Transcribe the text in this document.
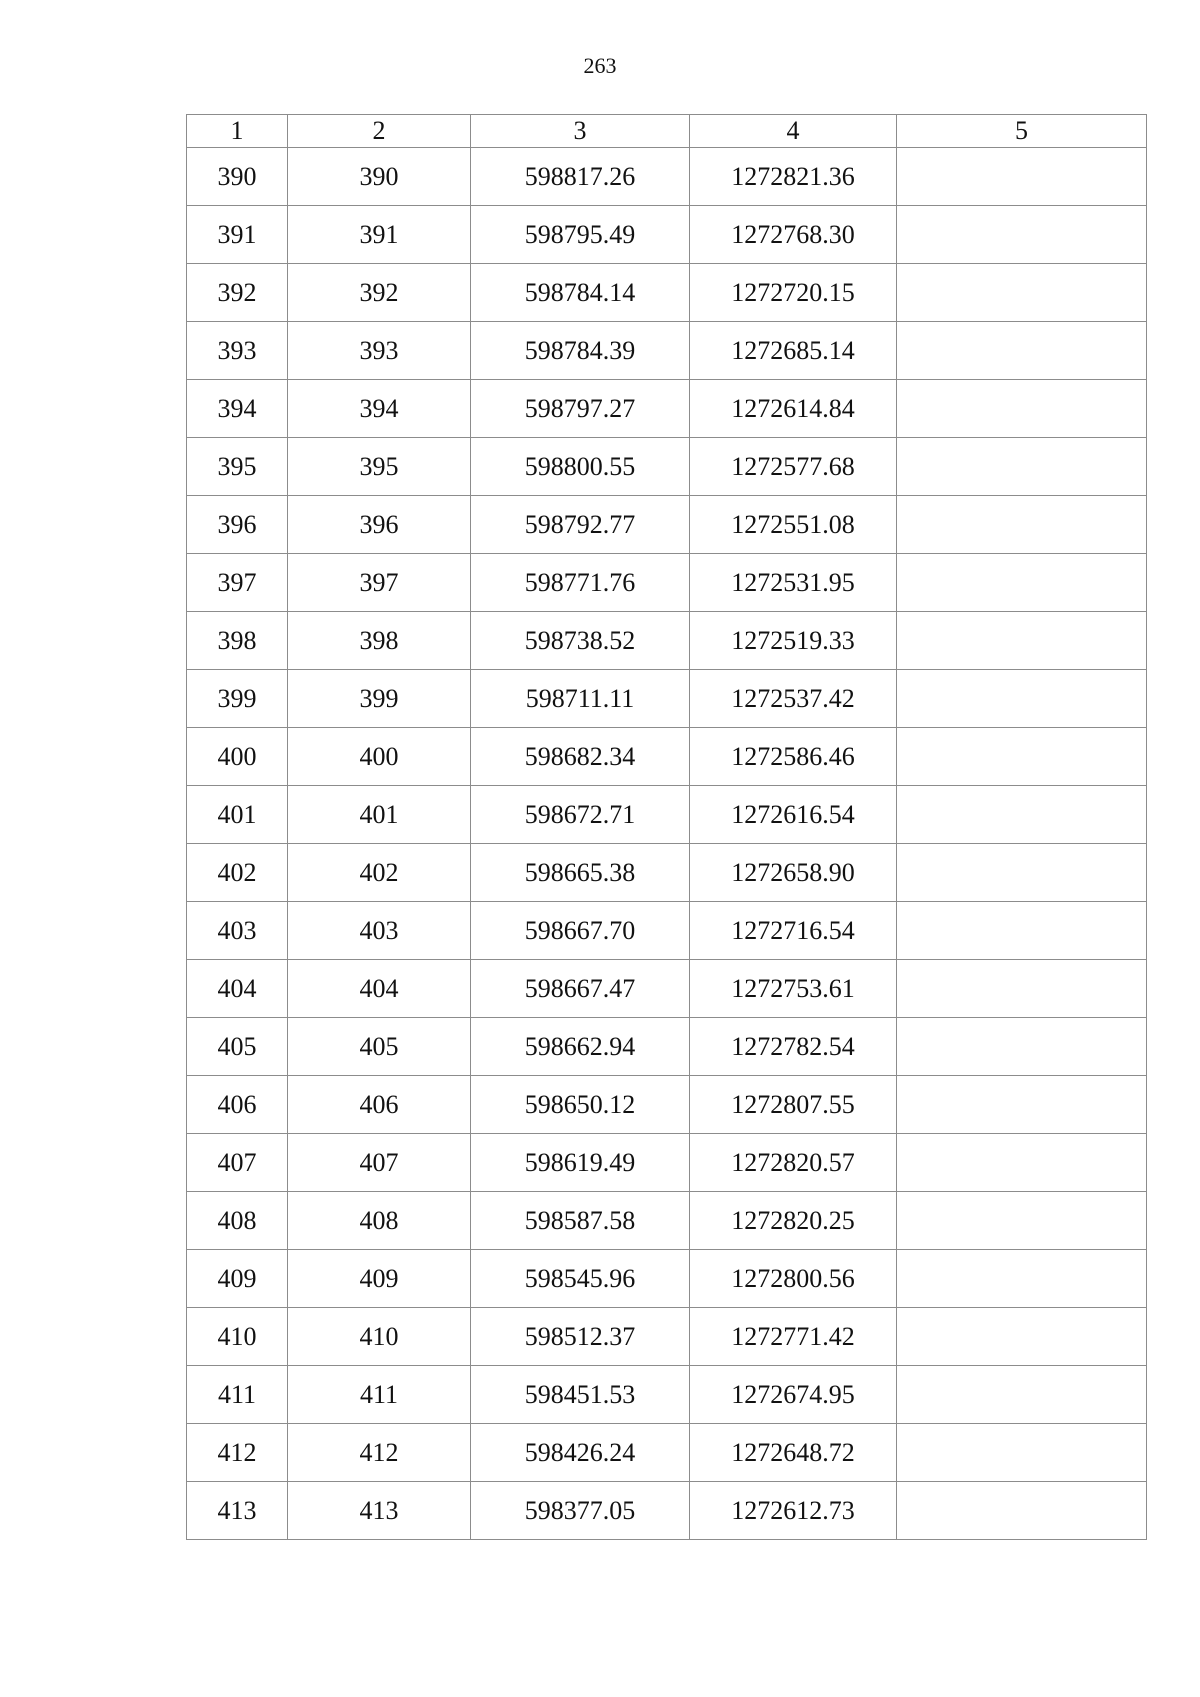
263
1	2	3	4	5
390	390	598817.26	1272821.36	
391	391	598795.49	1272768.30	
392	392	598784.14	1272720.15	
393	393	598784.39	1272685.14	
394	394	598797.27	1272614.84	
395	395	598800.55	1272577.68	
396	396	598792.77	1272551.08	
397	397	598771.76	1272531.95	
398	398	598738.52	1272519.33	
399	399	598711.11	1272537.42	
400	400	598682.34	1272586.46	
401	401	598672.71	1272616.54	
402	402	598665.38	1272658.90	
403	403	598667.70	1272716.54	
404	404	598667.47	1272753.61	
405	405	598662.94	1272782.54	
406	406	598650.12	1272807.55	
407	407	598619.49	1272820.57	
408	408	598587.58	1272820.25	
409	409	598545.96	1272800.56	
410	410	598512.37	1272771.42	
411	411	598451.53	1272674.95	
412	412	598426.24	1272648.72	
413	413	598377.05	1272612.73	
